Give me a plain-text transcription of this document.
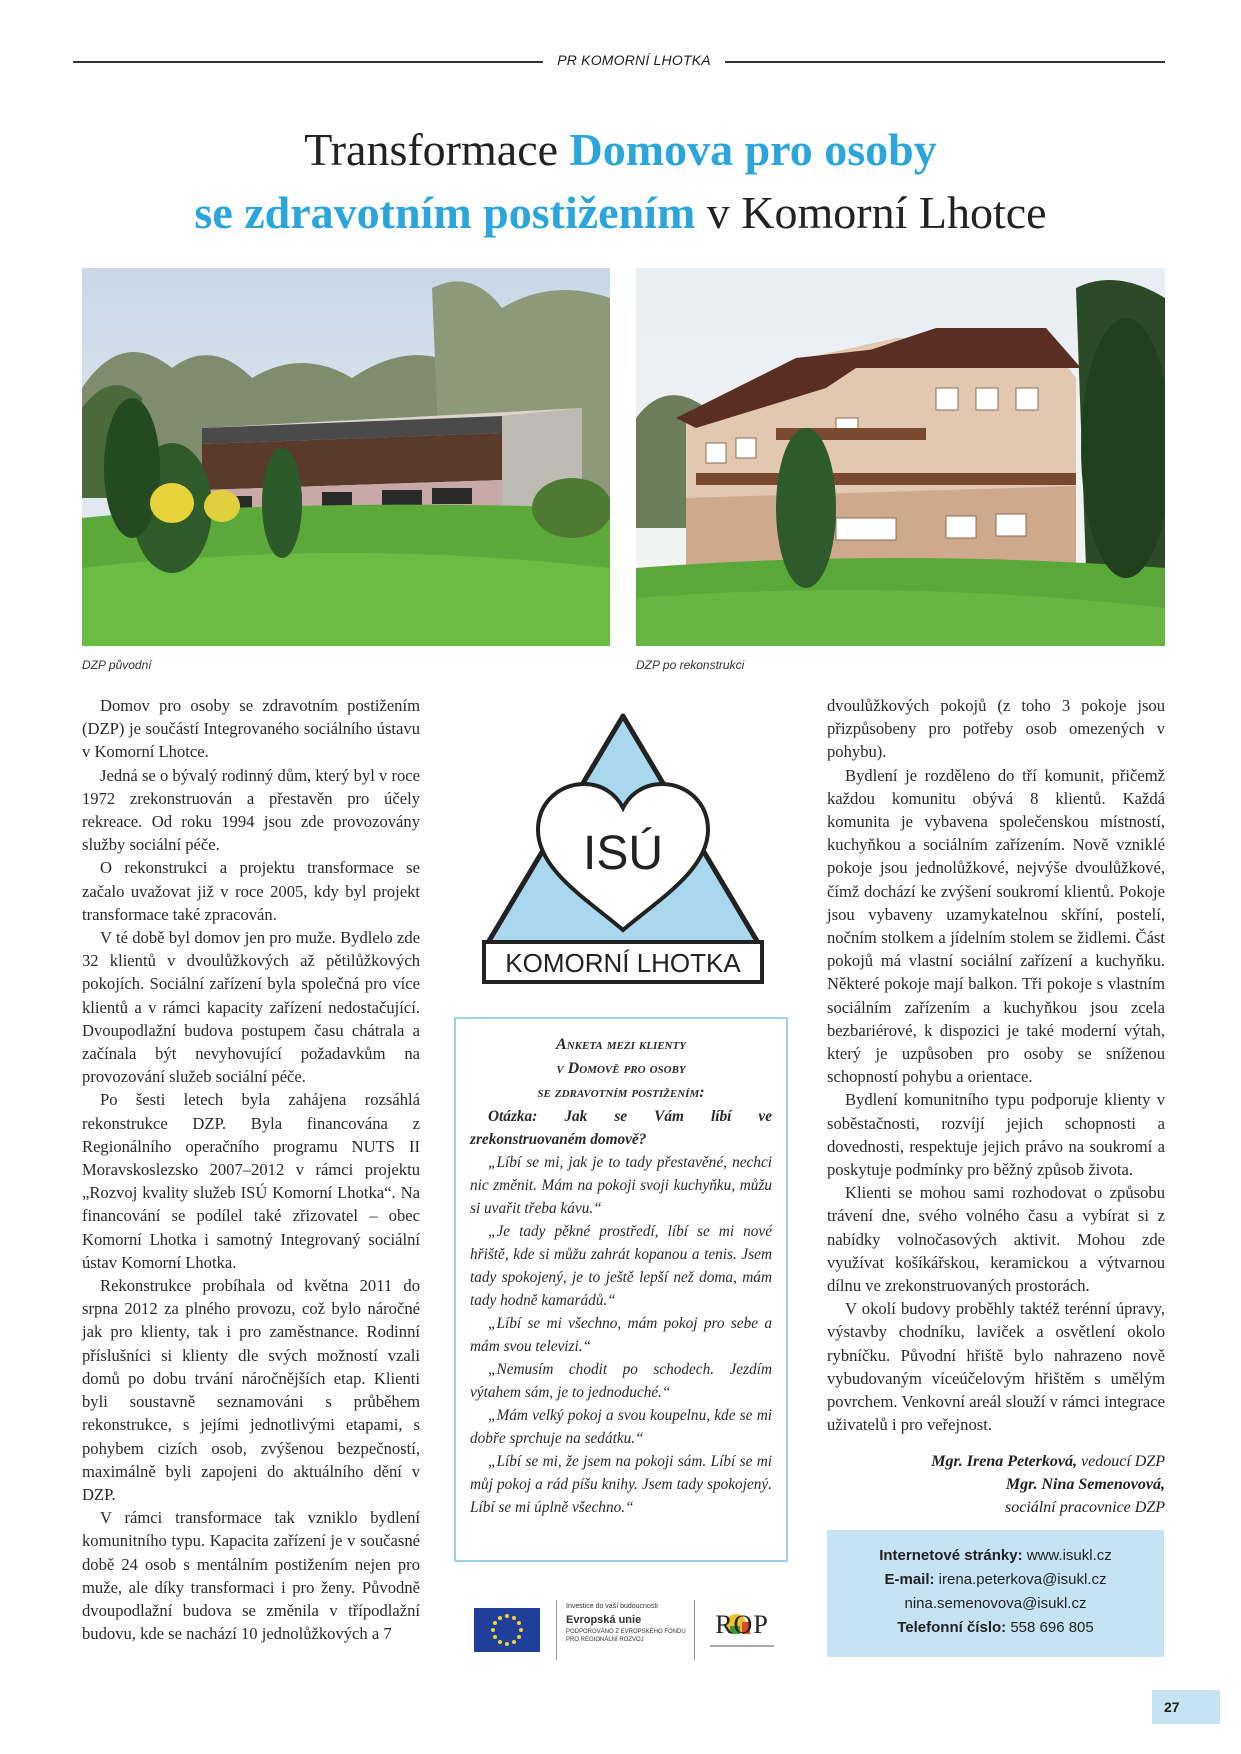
PR KOMORNÍ LHOTKA
Transformace Domova pro osoby
se zdravotním postižením v Komorní Lhotce
DZP původní	DZP po rekonstrukci

Domov pro osoby se zdravotním postižením (DZP) je součástí Integrovaného sociálního ústavu v Komorní Lhotce.

Jedná se o bývalý rodinný dům, který byl v roce 1972 zrekonstruován a přestavěn pro účely rekreace. Od roku 1994 jsou zde provozovány služby sociální péče.

O rekonstrukci a projektu transformace se začalo uvažovat již v roce 2005, kdy byl projekt transformace také zpracován.

V té době byl domov jen pro muže. Bydlelo zde 32 klientů v dvoulůžkových až pětilůžkových pokojích. Sociální zařízení byla společná pro více klientů a v rámci kapacity zařízení nedostačující. Dvoupodlažní budova postupem času chátrala a začínala být nevyhovující požadavkům na provozování služeb sociální péče.

Po šesti letech byla zahájena rozsáhlá rekonstrukce DZP. Byla financována z Regionálního operačního programu NUTS II Moravskoslezsko 2007–2012 v rámci projektu „Rozvoj kvality služeb ISÚ Komorní Lhotka“. Na financování se podílel také zřizovatel – obec Komorní Lhotka i samotný Integrovaný sociální ústav Komorní Lhotka.

Rekonstrukce probíhala od května 2011 do srpna 2012 za plného provozu, což bylo náročné jak pro klienty, tak i pro zaměstnance. Rodinní příslušníci si klienty dle svých možností vzali domů po dobu trvání náročnějších etap. Klienti byli soustavně seznamováni s průběhem rekonstrukce, s jejími jednotlivými etapami, s pohybem cizích osob, zvýšenou bezpečností, maximálně byli zapojeni do aktuálního dění v DZP.

V rámci transformace tak vzniklo bydlení komunitního typu. Kapacita zařízení je v současné době 24 osob s mentálním postižením nejen pro muže, ale díky transformaci i pro ženy. Původně dvoupodlažní budova se změnila v třípodlažní budovu, kde se nachází 10 jednolůžkových a 7

ISÚ
KOMORNÍ LHOTKA
Anketa mezi klienty
v Domově pro osoby
se zdravotním postižením:

Otázka: Jak se Vám líbí ve zrekonstruovaném domově?

„Líbí se mi, jak je to tady přestavěné, nechci nic změnit. Mám na pokoji svoji kuchyňku, můžu si uvařit třeba kávu.“

„Je tady pěkné prostředí, líbí se mi nové hřiště, kde si můžu zahrát kopanou a tenis. Jsem tady spokojený, je to ještě lepší než doma, mám tady hodně kamarádů.“

„Líbí se mi všechno, mám pokoj pro sebe a mám svou televizi.“

„Nemusím chodit po schodech. Jezdím výtahem sám, je to jednoduché.“

„Mám velký pokoj a svou koupelnu, kde se mi dobře sprchuje na sedátku.“

„Líbí se mi, že jsem na pokoji sám. Líbí se mi můj pokoj a rád píšu knihy. Jsem tady spokojený. Líbí se mi úplně všechno.“

dvoulůžkových pokojů (z toho 3 pokoje jsou přizpůsobeny pro potřeby osob omezených v pohybu).

Bydlení je rozděleno do tří komunit, přičemž každou komunitu obývá 8 klientů. Každá komunita je vybavena společenskou místností, kuchyňkou a sociálním zařízením. Nově vzniklé pokoje jsou jednolůžkové, nejvýše dvoulůžkové, čímž dochází ke zvýšení soukromí klientů. Pokoje jsou vybaveny uzamykatelnou skříní, postelí, nočním stolkem a jídelním stolem se židlemi. Část pokojů má vlastní sociální zařízení a kuchyňku. Některé pokoje mají balkon. Tři pokoje s vlastním sociálním zařízením a kuchyňkou jsou zcela bezbariérové, k dispozici je také moderní výtah, který je uzpůsoben pro osoby se sníženou schopností pohybu a orientace.

Bydlení komunitního typu podporuje klienty v soběstačnosti, rozvíjí jejich schopnosti a dovednosti, respektuje jejich právo na soukromí a poskytuje podmínky pro běžný způsob života.

Klienti se mohou sami rozhodovat o způsobu trávení dne, svého volného času a vybírat si z nabídky volnočasových aktivit. Mohou zde využívat košíkářskou, keramickou a výtvarnou dílnu ve zrekonstruovaných prostorách.

V okolí budovy proběhly taktéž terénní úpravy, výstavby chodníku, laviček a osvětlení okolo rybníčku. Původní hřiště bylo nahrazeno nově vybudovaným víceúčelovým hřištěm s umělým povrchem. Venkovní areál slouží v rámci integrace uživatelů i pro veřejnost.

Mgr. Irena Peterková, vedoucí DZP
Mgr. Nina Semenovová,
sociální pracovnice DZP
Internetové stránky: www.isukl.cz
E-mail: irena.peterkova@isukl.cz
nina.semenovova@isukl.cz
Telefonní číslo: 558 696 805
Investice do vaší budoucnosti
Evropská unie
PODPOROVÁNO Z EVROPSKÉHO FONDU PRO REGIONÁLNÍ ROZVOJ
ROP
27
